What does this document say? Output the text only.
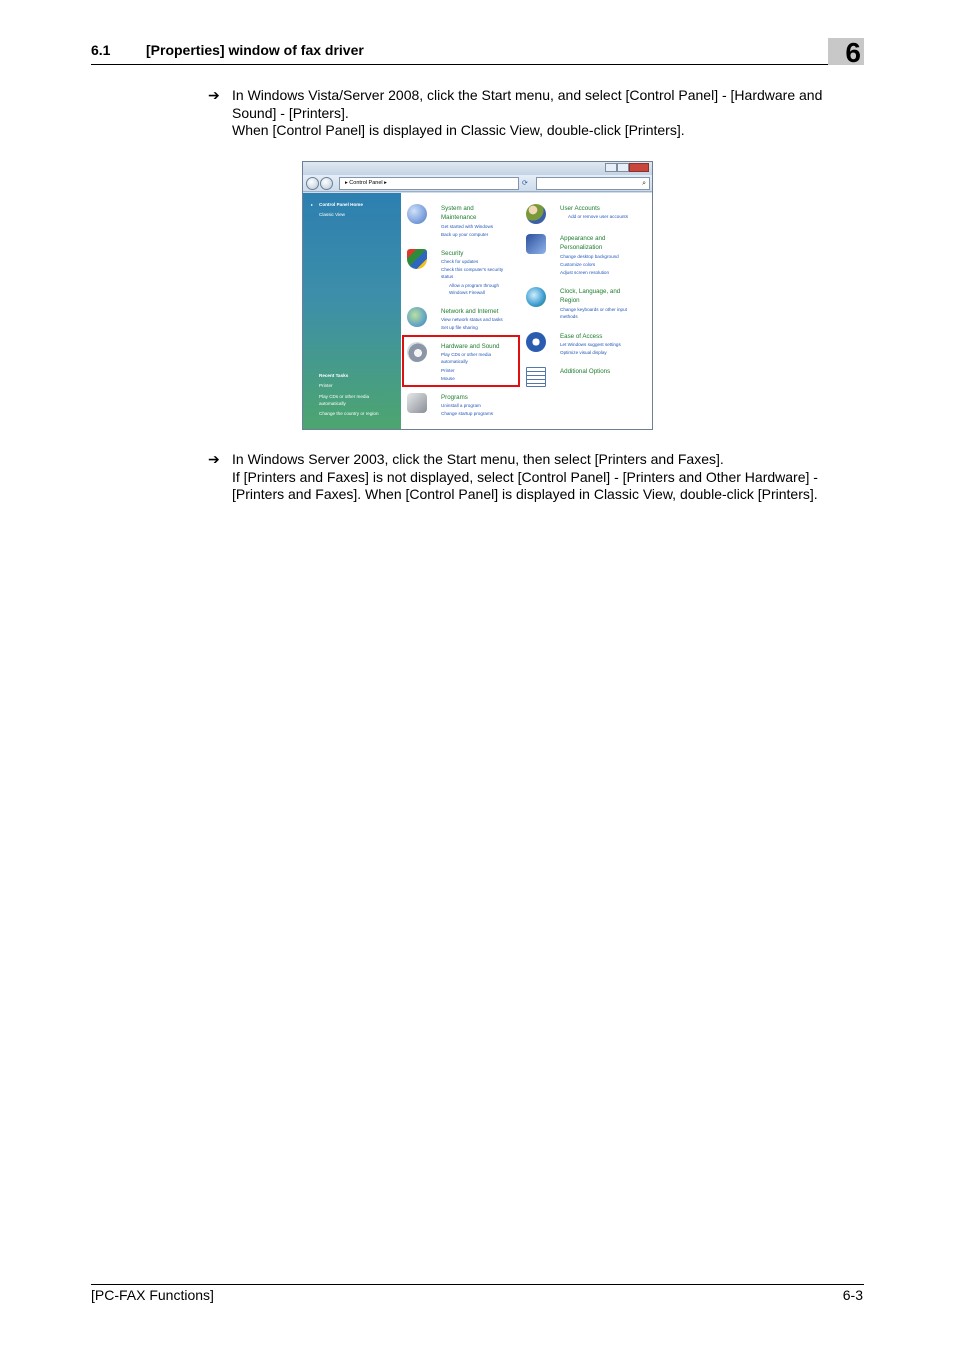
6.1	[Properties] window of fax driver	6
➔ In Windows Vista/Server 2008, click the Start menu, and select [Control Panel] - [Hardware and
Sound] - [Printers].
When [Control Panel] is displayed in Classic View, double-click [Printers].
▸ Control Panel ▸	⟳	⌕
▸ Control Panel Home
Classic View
Recent Tasks
Printer
Play CDs or other media
automatically
Change the country or region
System and
Maintenance
Get started with Windows
Back up your computer
Security
Check for updates
Check this computer's security
status
Allow a program through
Windows Firewall
Network and Internet
View network status and tasks
Set up file sharing
Hardware and Sound
Play CDs or other media
automatically
Printer
Mouse
Programs
Uninstall a program
Change startup programs
User Accounts
Add or remove user accounts
Appearance and
Personalization
Change desktop background
Customize colors
Adjust screen resolution
Clock, Language, and
Region
Change keyboards or other input
methods
Ease of Access
Let Windows suggest settings
Optimize visual display
Additional Options
➔ In Windows Server 2003, click the Start menu, then select [Printers and Faxes].
If [Printers and Faxes] is not displayed, select [Control Panel] - [Printers and Other Hardware] -
[Printers and Faxes]. When [Control Panel] is displayed in Classic View, double-click [Printers].
[PC-FAX Functions]	6-3
